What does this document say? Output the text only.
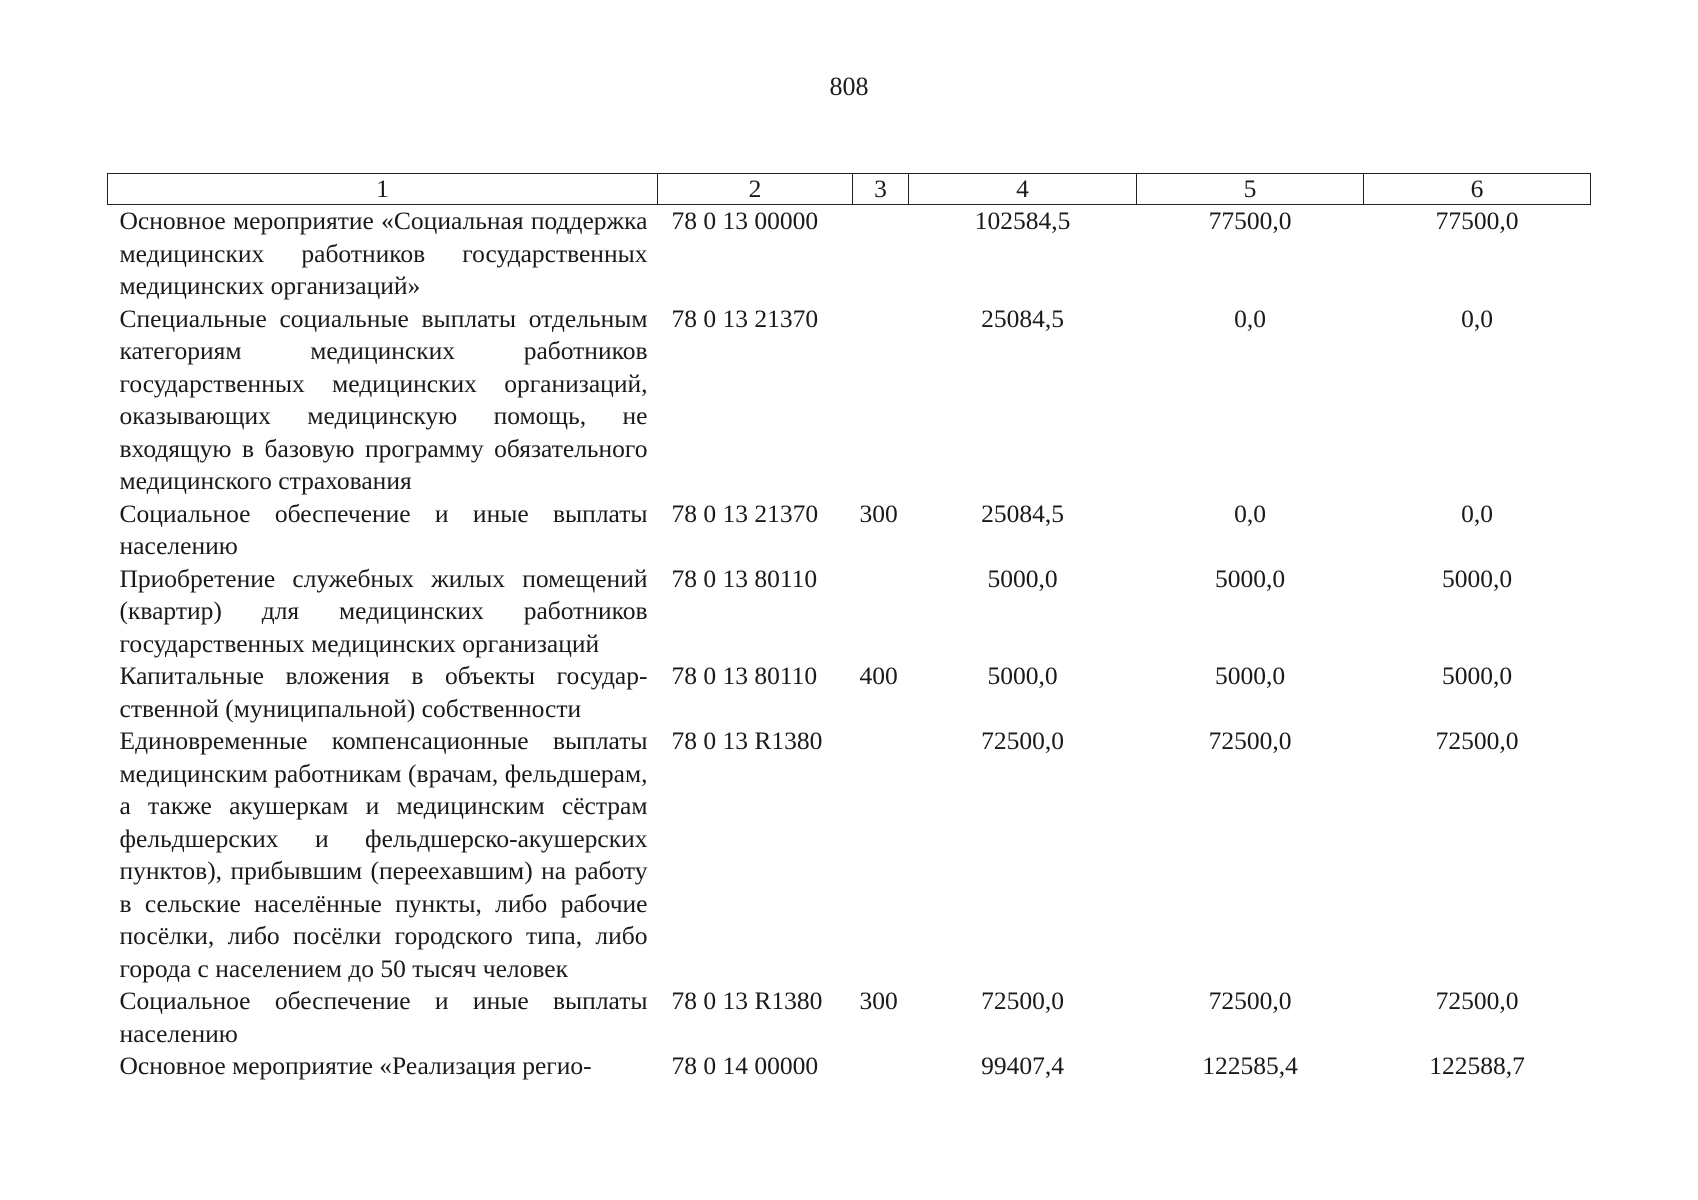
808
1	2	3	4	5	6
Основное мероприятие «Социальная поддержка медицинских работников государственных медицинских организаций»	78 0 13 00000		102584,5	77500,0	77500,0
Специальные социальные выплаты отдельным категориям медицинских работников государственных медицинских организаций, оказывающих медицинскую помощь, не входящую в базовую программу обязательного медицинского страхования	78 0 13 21370		25084,5	0,0	0,0
Социальное обеспечение и иные выплаты населению	78 0 13 21370	300	25084,5	0,0	0,0
Приобретение служебных жилых помещений (квартир) для медицинских работников государственных медицинских организаций	78 0 13 80110		5000,0	5000,0	5000,0
Капитальные вложения в объекты государственной (муниципальной) собственности	78 0 13 80110	400	5000,0	5000,0	5000,0
Единовременные компенсационные выплаты медицинским работникам (врачам, фельдшерам, а также акушеркам и медицинским сёстрам фельдшерских и фельдшерско-акушерских пунктов), прибывшим (переехавшим) на работу в сельские населённые пункты, либо рабочие посёлки, либо посёлки городского типа, либо города с населением до 50 тысяч человек	78 0 13 R1380		72500,0	72500,0	72500,0
Социальное обеспечение и иные выплаты населению	78 0 13 R1380	300	72500,0	72500,0	72500,0
Основное мероприятие «Реализация регио-	78 0 14 00000		99407,4	122585,4	122588,7
